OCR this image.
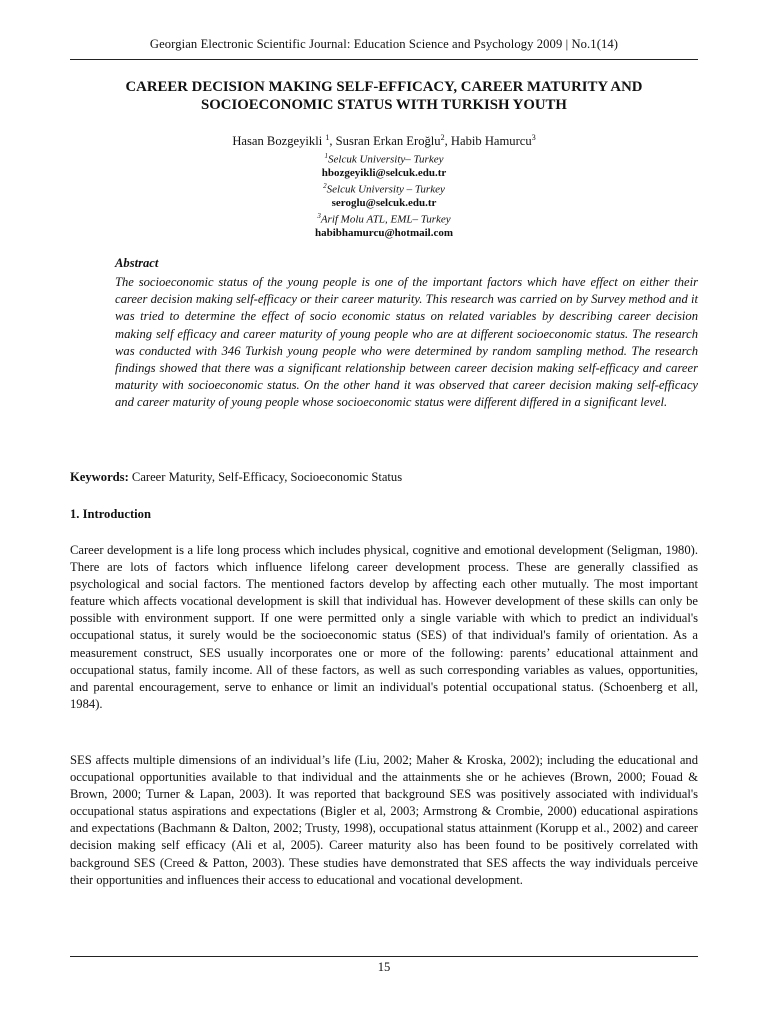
Georgian Electronic Scientific Journal: Education Science and Psychology 2009 | No.1(14)
CAREER DECISION MAKING SELF-EFFICACY, CAREER MATURITY AND
SOCIOECONOMIC STATUS WITH TURKISH YOUTH
Hasan Bozgeyikli $^1$, Susran Erkan Eroğlu$^2$, Habib Hamurcu$^3$
$^1$Selcuk University– Turkey
hbozgeyikli@selcuk.edu.tr
$^2$Selcuk University – Turkey
seroglu@selcuk.edu.tr
$^3$Arif Molu ATL, EML– Turkey
habibhamurcu@hotmail.com
Abstract
The socioeconomic status of the young people is one of the important factors which have effect on either their career decision making self-efficacy or their career maturity. This research was carried on by Survey method and it was tried to determine the effect of socio economic status on related variables by describing career decision making self efficacy and career maturity of young people who are at different socioeconomic status. The research was conducted with 346 Turkish young people who were determined by random sampling method. The research findings showed that there was a significant relationship between career decision making self-efficacy and career maturity with socioeconomic status. On the other hand it was observed that career decision making self-efficacy and career maturity of young people whose socioeconomic status were different differed in a significant level.
Keywords: Career Maturity, Self-Efficacy, Socioeconomic Status
1. Introduction
Career development is a life long process which includes physical, cognitive and emotional development (Seligman, 1980). There are lots of factors which influence lifelong career development process. These are generally classified as psychological and social factors. The mentioned factors develop by affecting each other mutually. The most important feature which affects vocational development is skill that individual has. However development of these skills can only be possible with environment support. If one were permitted only a single variable with which to predict an individual's occupational status, it surely would be the socioeconomic status (SES) of that individual's family of orientation. As a measurement construct, SES usually incorporates one or more of the following: parents’ educational attainment and occupational status, family income. All of these factors, as well as such corresponding variables as values, opportunities, and parental encouragement, serve to enhance or limit an individual's potential occupational status. (Schoenberg et all, 1984).
SES affects multiple dimensions of an individual’s life (Liu, 2002; Maher & Kroska, 2002); including the educational and occupational opportunities available to that individual and the attainments she or he achieves (Brown, 2000; Fouad & Brown, 2000; Turner & Lapan, 2003). It was reported that background SES was positively associated with individual's occupational status aspirations and expectations (Bigler et al, 2003; Armstrong & Crombie, 2000) educational aspirations and expectations (Bachmann & Dalton, 2002; Trusty, 1998), occupational status attainment (Korupp et al., 2002) and career decision making self efficacy (Ali et al, 2005). Career maturity also has been found to be positively correlated with background SES (Creed & Patton, 2003). These studies have demonstrated that SES affects the way individuals perceive their opportunities and influences their access to educational and vocational development.
15
